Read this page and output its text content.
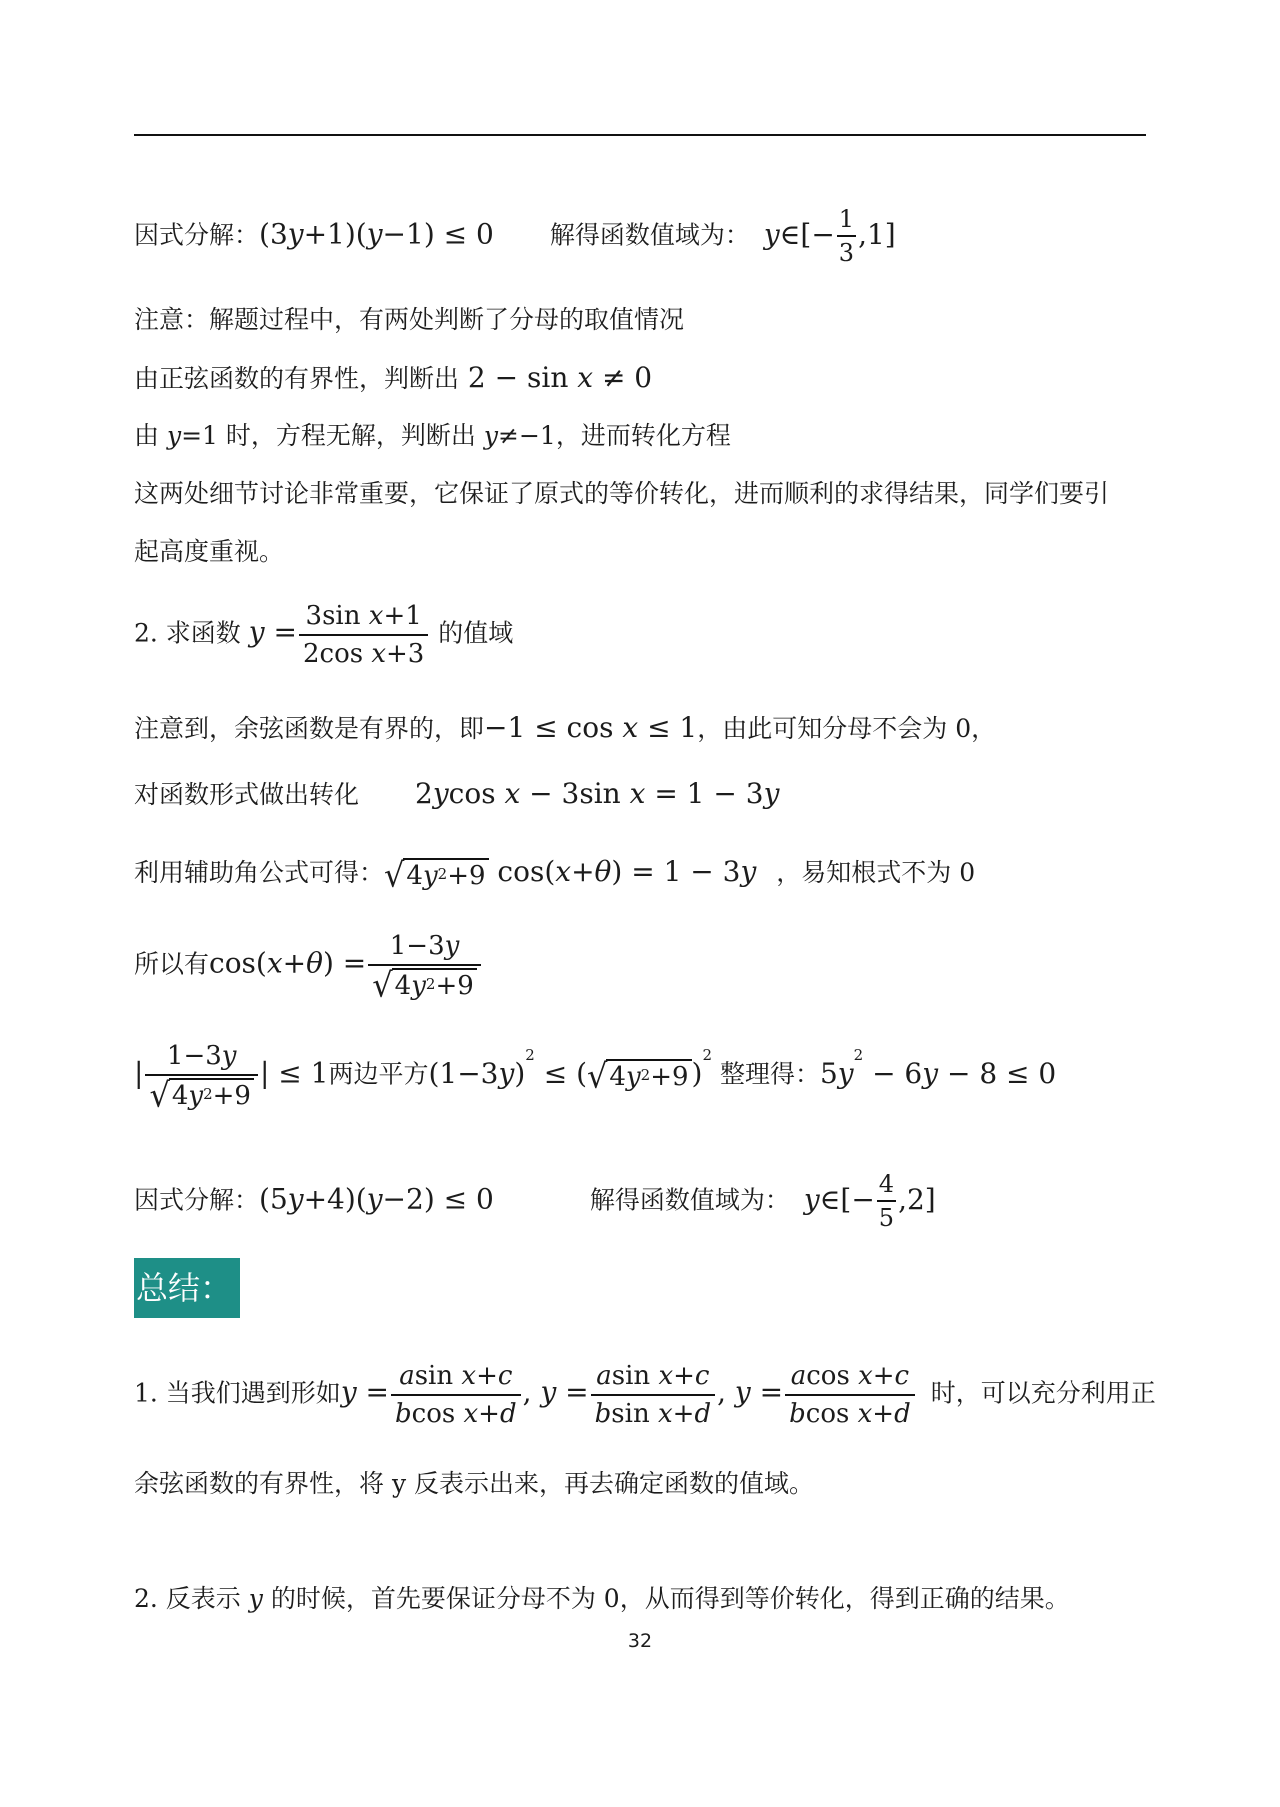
因式分解：(3y+1)(y−1) ≤ 0 解得函数值域为： y∈[− $\frac{1}{3} ,1$]
注意：解题过程中，有两处判断了分母的取值情况
由正弦函数的有界性，判断出 2 − sin x ≠ 0
由 y=1 时，方程无解，判断出 y≠−1，进而转化方程
这两处细节讨论非常重要，它保证了原式的等价转化，进而顺利的求得结果，同学们要引
起高度重视。
2. 求函数 $y = \frac{\text{3sin x+1}}{\text{2cos x+3}}$ 的值域
注意到，余弦函数是有界的，即−1 ≤ cos x ≤ 1，由此可知分母不会为 0，
对函数形式做出转化 2ycos x − 3sin x = 1 − 3y
利用辅助角公式可得： √ $4y^2+9$ cos(x+θ) = 1 − 3y ，易知根式不为 0
所以有$\cos(x+\theta) = \frac{1-3y}{√ 4y^2+9}$
| $\frac{1-3y}{√ 4y^2+9}$ | ≤ 1两边平方$(1-3y)^2$ ≤ ( √ $4y^2+9$ )$^2$ 整理得：$5y^2 - 6y - 8 \le 0$
因式分解：(5y+4)(y−2) ≤ 0	解得函数值域为： y∈[− $\frac{4}{5} ,2$]
总结：
1. 当我们遇到形如$y = \frac{\text{asin x+c}}{\text{bcos x+d}}$ , $y = \frac{\text{asin x+c}}{\text{bsin x+d}}$ , $y = \frac{\text{acos x+c}}{\text{bcos x+d}}$ 时，可以充分利用正
余弦函数的有界性，将 y 反表示出来，再去确定函数的值域。
2. 反表示 y 的时候，首先要保证分母不为 0，从而得到等价转化，得到正确的结果。
32
